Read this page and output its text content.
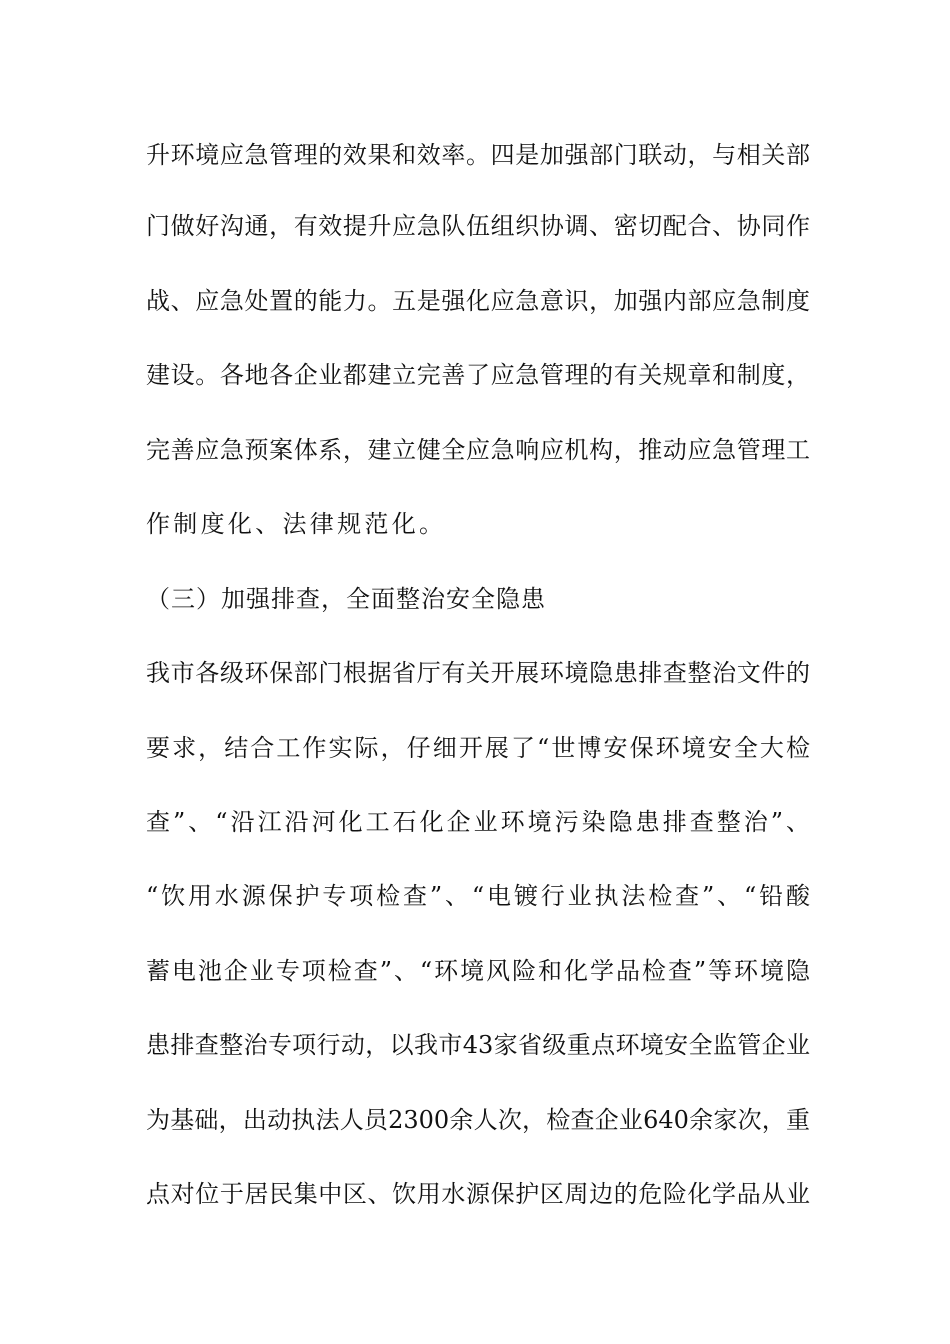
升环境应急管理的效果和效率。四是加强部门联动，与相关部
门做好沟通，有效提升应急队伍组织协调、密切配合、协同作
战、应急处置的能力。五是强化应急意识，加强内部应急制度
建设。各地各企业都建立完善了应急管理的有关规章和制度，
完善应急预案体系，建立健全应急响应机构，推动应急管理工
作制度化、法律规范化。
（三）加强排查，全面整治安全隐患
我市各级环保部门根据省厅有关开展环境隐患排查整治文件的
要求，结合工作实际，仔细开展了“世博安保环境安全大检
查”、“沿江沿河化工石化企业环境污染隐患排查整治”、
“饮用水源保护专项检查”、“电镀行业执法检查”、“铅酸
蓄电池企业专项检查”、“环境风险和化学品检查”等环境隐
患排查整治专项行动，以我市43家省级重点环境安全监管企业
为基础，出动执法人员2300余人次，检查企业640余家次，重
点对位于居民集中区、饮用水源保护区周边的危险化学品从业
